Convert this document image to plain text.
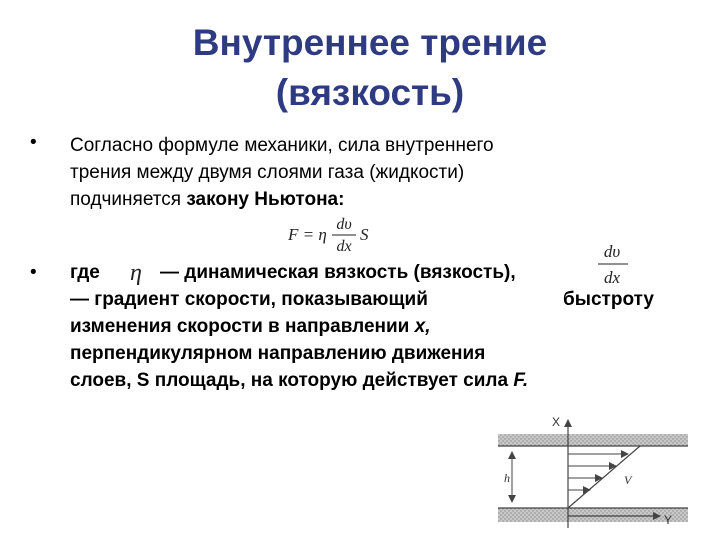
Внутреннее трение
(вязкость)
• Согласно формуле механики, сила внутреннего
трения между двумя слоями газа (жидкости)
подчиняется закону Ньютона:
F = η
dυ
dx
S
• где η — динамическая вязкость (вязкость),
— градиент скорости, показывающий	быстроту
изменения скорости в направлении x,
перпендикулярном направлению движения
слоев, S площадь, на которую действует сила F.
dυ
dx
X
Y
h	V
